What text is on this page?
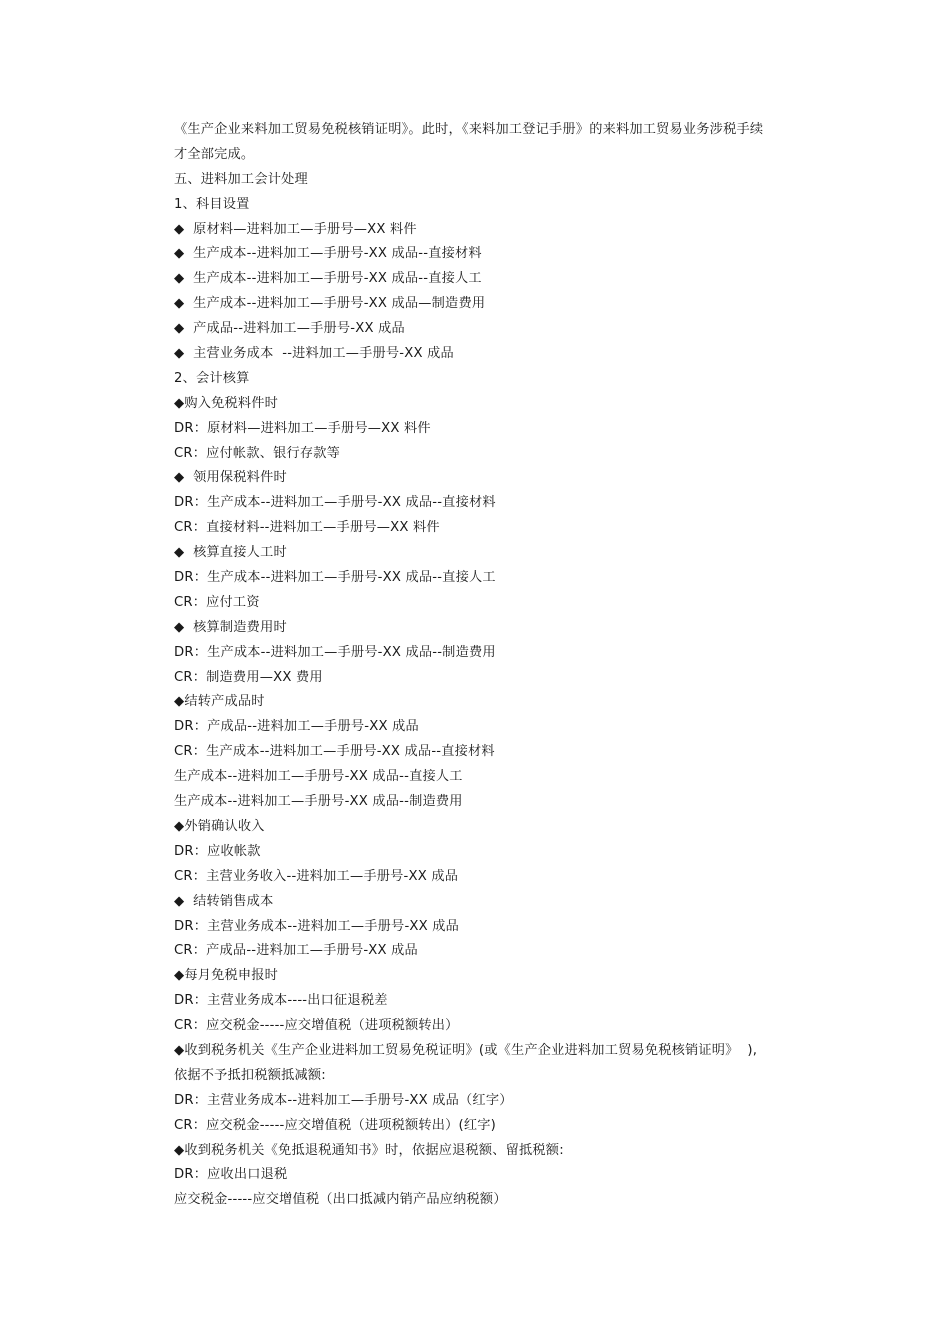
《生产企业来料加工贸易免税核销证明》。此时，《来料加工登记手册》的来料加工贸易业务涉税手续
才全部完成。
五、进料加工会计处理
1、科目设置
◆  原材料—进料加工—手册号—XX 料件
◆  生产成本--进料加工—手册号-XX 成品--直接材料
◆  生产成本--进料加工—手册号-XX 成品--直接人工
◆  生产成本--进料加工—手册号-XX 成品—制造费用
◆  产成品--进料加工—手册号-XX 成品
◆  主营业务成本  --进料加工—手册号-XX 成品
2、会计核算
◆购入免税料件时
DR：原材料—进料加工—手册号—XX 料件
CR：应付帐款、银行存款等
◆  领用保税料件时
DR：生产成本--进料加工—手册号-XX 成品--直接材料
CR：直接材料--进料加工—手册号—XX 料件
◆  核算直接人工时
DR：生产成本--进料加工—手册号-XX 成品--直接人工
CR：应付工资
◆  核算制造费用时
DR：生产成本--进料加工—手册号-XX 成品--制造费用
CR：制造费用—XX 费用
◆结转产成品时
DR：产成品--进料加工—手册号-XX 成品
CR：生产成本--进料加工—手册号-XX 成品--直接材料
生产成本--进料加工—手册号-XX 成品--直接人工
生产成本--进料加工—手册号-XX 成品--制造费用
◆外销确认收入
DR：应收帐款
CR：主营业务收入--进料加工—手册号-XX 成品
◆  结转销售成本
DR：主营业务成本--进料加工—手册号-XX 成品
CR：产成品--进料加工—手册号-XX 成品
◆每月免税申报时
DR：主营业务成本----出口征退税差
CR：应交税金-----应交增值税（进项税额转出）
◆收到税务机关《生产企业进料加工贸易免税证明》(或《生产企业进料加工贸易免税核销证明》  ),
依据不予抵扣税额抵减额:
DR：主营业务成本--进料加工—手册号-XX 成品（红字）
CR：应交税金-----应交增值税（进项税额转出）(红字)
◆收到税务机关《免抵退税通知书》时，依据应退税额、留抵税额:
DR：应收出口退税
应交税金-----应交增值税（出口抵减内销产品应纳税额）
